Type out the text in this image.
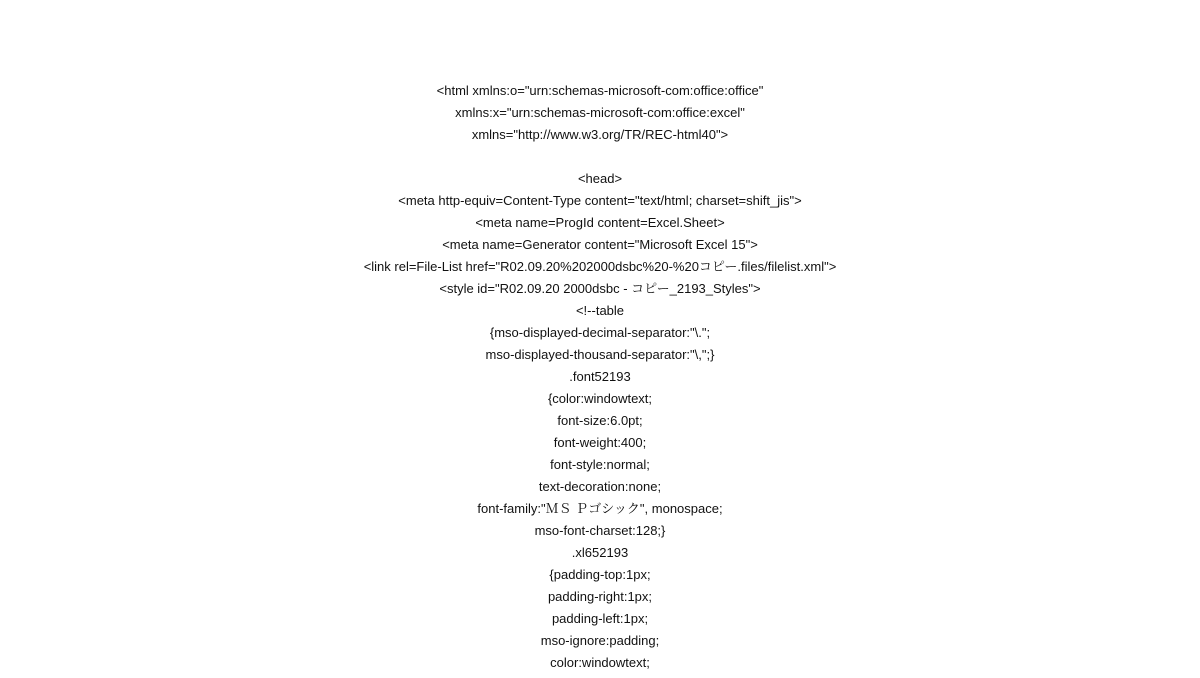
<html xmlns:o="urn:schemas-microsoft-com:office:office"
xmlns:x="urn:schemas-microsoft-com:office:excel"
xmlns="http://www.w3.org/TR/REC-html40">
<head>
<meta http-equiv=Content-Type content="text/html; charset=shift_jis">
<meta name=ProgId content=Excel.Sheet>
<meta name=Generator content="Microsoft Excel 15">
<link rel=File-List href="R02.09.20%202000dsbc%20-%20コピー.files/filelist.xml">
<style id="R02.09.20 2000dsbc - コピー_2193_Styles">
<!--table
{mso-displayed-decimal-separator:"\.";
mso-displayed-thousand-separator:"\,";}
.font52193
{color:windowtext;
font-size:6.0pt;
font-weight:400;
font-style:normal;
text-decoration:none;
font-family:"ＭＳ Ｐゴシック", monospace;
mso-font-charset:128;}
.xl652193
{padding-top:1px;
padding-right:1px;
padding-left:1px;
mso-ignore:padding;
color:windowtext;
